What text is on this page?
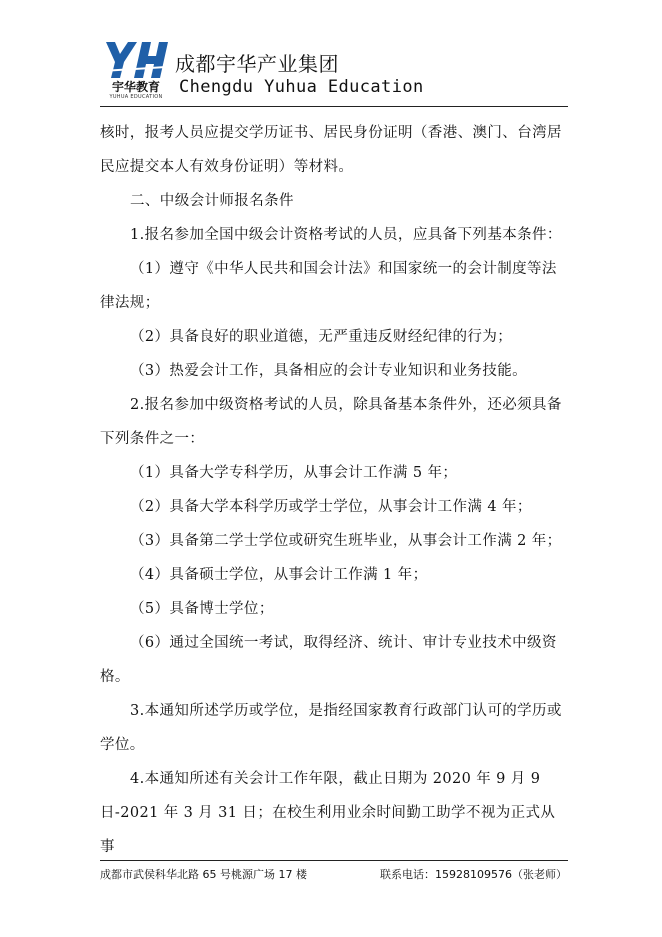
宇华教育
YUHUA EDUCATION
成都宇华产业集团
Chengdu Yuhua Education

核时，报考人员应提交学历证书、居民身份证明（香港、澳门、台湾居民应提交本人有效身份证明）等材料。

二、中级会计师报名条件

1.报名参加全国中级会计资格考试的人员，应具备下列基本条件：

（1）遵守《中华人民共和国会计法》和国家统一的会计制度等法律法规；

（2）具备良好的职业道德，无严重违反财经纪律的行为；

（3）热爱会计工作，具备相应的会计专业知识和业务技能。

2.报名参加中级资格考试的人员，除具备基本条件外，还必须具备下列条件之一：

（1）具备大学专科学历，从事会计工作满 5 年；

（2）具备大学本科学历或学士学位，从事会计工作满 4 年；

（3）具备第二学士学位或研究生班毕业，从事会计工作满 2 年；

（4）具备硕士学位，从事会计工作满 1 年；

（5）具备博士学位；

（6）通过全国统一考试，取得经济、统计、审计专业技术中级资格。

3.本通知所述学历或学位，是指经国家教育行政部门认可的学历或学位。

4.本通知所述有关会计工作年限，截止日期为 2020 年 9 月 9 日-2021 年 3 月 31 日；在校生利用业余时间勤工助学不视为正式从事

成都市武侯科华北路 65 号桃源广场 17 楼	联系电话：15928109576（张老师）
